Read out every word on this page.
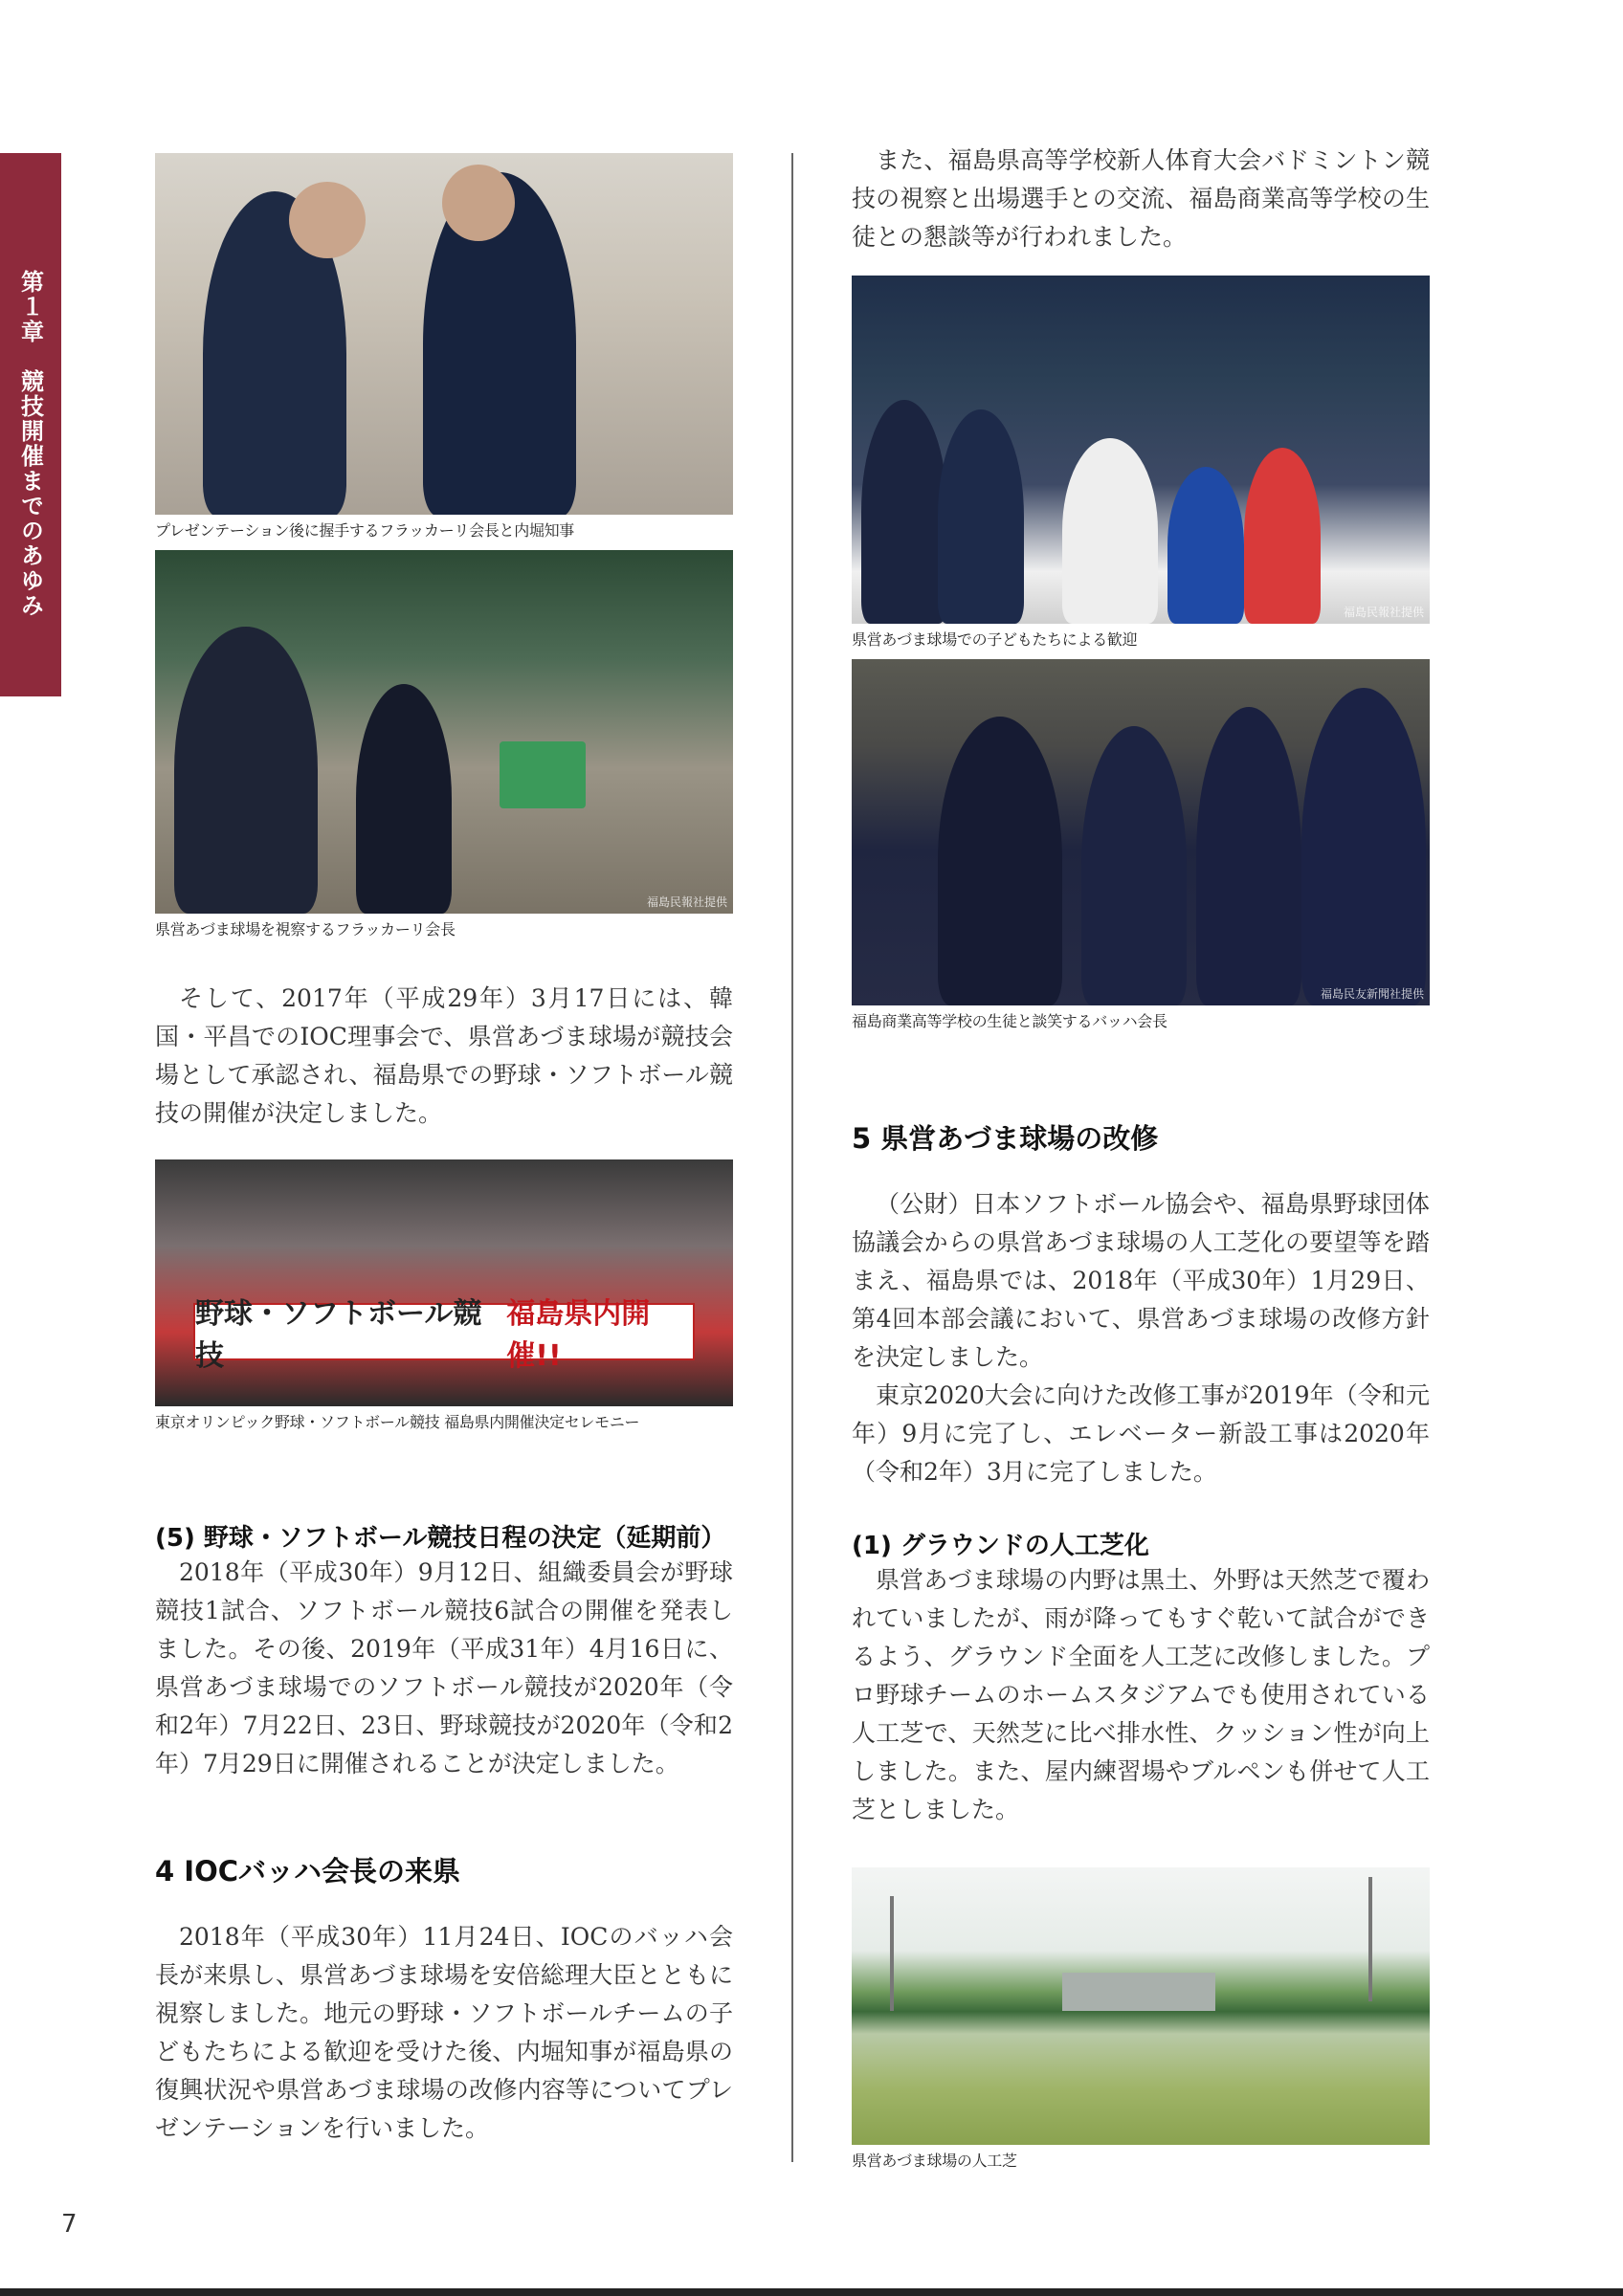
第１章　競技開催までのあゆみ	プレゼンテーション後に握手するフラッカーリ会長と内堀知事
福島民報社提供
県営あづま球場を視察するフラッカーリ会長

そして、2017年（平成29年）3月17日には、韓国・平昌でのIOC理事会で、県営あづま球場が競技会場として承認され、福島県での野球・ソフトボール競技の開催が決定しました。

野球・ソフトボール競技
福島県内開催!!
東京オリンピック野球・ソフトボール競技 福島県内開催決定セレモニー
(5) 野球・ソフトボール競技日程の決定（延期前）

2018年（平成30年）9月12日、組織委員会が野球競技1試合、ソフトボール競技6試合の開催を発表しました。その後、2019年（平成31年）4月16日に、県営あづま球場でのソフトボール競技が2020年（令和2年）7月22日、23日、野球競技が2020年（令和2年）7月29日に開催されることが決定しました。

4 IOCバッハ会長の来県

2018年（平成30年）11月24日、IOCのバッハ会長が来県し、県営あづま球場を安倍総理大臣とともに視察しました。地元の野球・ソフトボールチームの子どもたちによる歓迎を受けた後、内堀知事が福島県の復興状況や県営あづま球場の改修内容等についてプレゼンテーションを行いました。

また、福島県高等学校新人体育大会バドミントン競技の視察と出場選手との交流、福島商業高等学校の生徒との懇談等が行われました。

福島民報社提供
県営あづま球場での子どもたちによる歓迎
福島民友新聞社提供
福島商業高等学校の生徒と談笑するバッハ会長
5 県営あづま球場の改修

（公財）日本ソフトボール協会や、福島県野球団体協議会からの県営あづま球場の人工芝化の要望等を踏まえ、福島県では、2018年（平成30年）1月29日、第4回本部会議において、県営あづま球場の改修方針を決定しました。

東京2020大会に向けた改修工事が2019年（令和元年）9月に完了し、エレベーター新設工事は2020年（令和2年）3月に完了しました。

(1) グラウンドの人工芝化

県営あづま球場の内野は黒土、外野は天然芝で覆われていましたが、雨が降ってもすぐ乾いて試合ができるよう、グラウンド全面を人工芝に改修しました。プロ野球チームのホームスタジアムでも使用されている人工芝で、天然芝に比べ排水性、クッション性が向上しました。また、屋内練習場やブルペンも併せて人工芝としました。

県営あづま球場の人工芝
7
